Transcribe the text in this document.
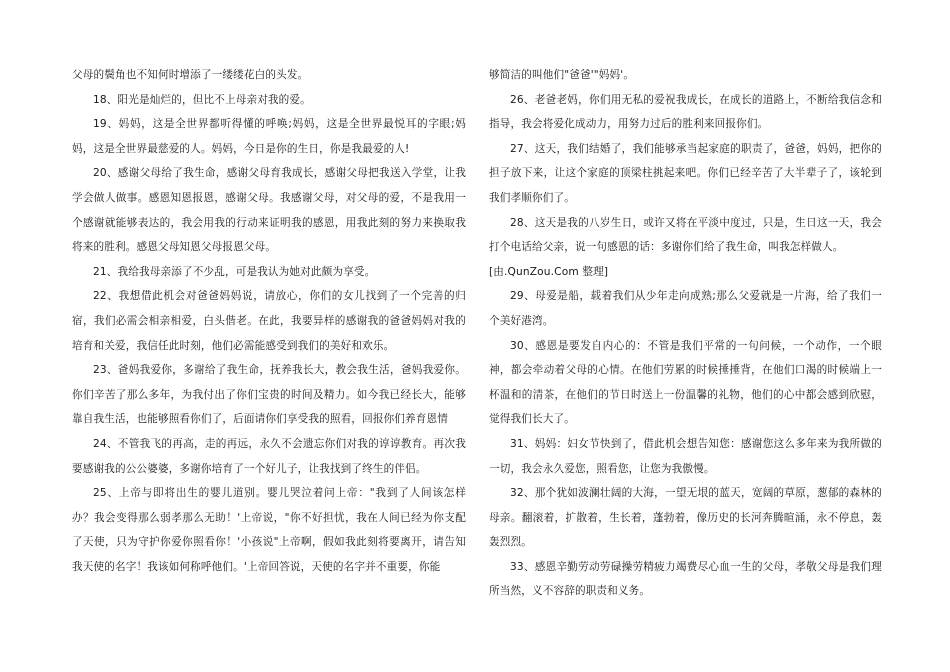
父母的鬓角也不知何时增添了一缕缕花白的头发。

18、阳光是灿烂的，但比不上母亲对我的爱。

19、妈妈，这是全世界都听得懂的呼唤;妈妈，这是全世界最悦耳的字眼;妈妈，这是全世界最慈爱的人。妈妈，今日是你的生日，你是我最爱的人!

20、感谢父母给了我生命，感谢父母育我成长，感谢父母把我送入学堂，让我学会做人做事。感恩知恩报恩，感谢父母。我感谢父母，对父母的爱，不是我用一个感谢就能够表达的，我会用我的行动来证明我的感恩，用我此刻的努力来换取我将来的胜利。感恩父母知恩父母报恩父母。

21、我给我母亲添了不少乱，可是我认为她对此颇为享受。

22、我想借此机会对爸爸妈妈说，请放心，你们的女儿找到了一个完善的归宿，我们必需会相亲相爱，白头偕老。在此，我要异样的感谢我的爸爸妈妈对我的培育和关爱，我信任此时刻，他们必需能感受到我们的美好和欢乐。

23、爸妈我爱你，多谢给了我生命，抚养我长大，教会我生活，爸妈我爱你。你们辛苦了那么多年，为我付出了你们宝贵的时间及精力。如今我已经长大，能够靠自我生活，也能够照看你们了，后面请你们享受我的照看，回报你们养育恩情

24、不管我飞的再高，走的再远，永久不会遗忘你们对我的谆谆教育。再次我要感谢我的公公婆婆，多谢你培育了一个好儿子，让我找到了终生的伴侣。

25、上帝与即将出生的婴儿道别。婴儿哭泣着问上帝："我到了人间该怎样办？我会变得那么弱孝那么无助！'上帝说，"你不好担忧，我在人间已经为你支配了天使，只为守护你爱你照看你！'小孩说"上帝啊，假如我此刻将要离开，请告知我天使的名字！我该如何称呼他们。'上帝回答说，天使的名字并不重要，你能

够简洁的叫他们"爸爸'"妈妈'。

26、老爸老妈，你们用无私的爱祝我成长，在成长的道路上，不断给我信念和指导，我会将爱化成动力，用努力过后的胜利来回报你们。

27、这天，我们结婚了，我们能够承当起家庭的职责了，爸爸，妈妈，把你的担子放下来，让这个家庭的顶梁柱挑起来吧。你们已经辛苦了大半辈子了，该轮到我们孝顺你们了。

28、这天是我的八岁生日，或许又将在平淡中度过，只是，生日这一天，我会打个电话给父亲，说一句感恩的话：多谢你们给了我生命，叫我怎样做人。

[由.QunZou.Com 整理]

29、母爱是船，载着我们从少年走向成熟;那么父爱就是一片海，给了我们一个美好港湾。

30、感恩是要发自内心的：不管是我们平常的一句问候，一个动作，一个眼神，都会牵动着父母的心情。在他们劳累的时候捶捶背，在他们口渴的时候端上一杯温和的清茶，在他们的节日时送上一份温馨的礼物，他们的心中都会感到欣慰，觉得我们长大了。

31、妈妈：妇女节快到了，借此机会想告知您：感谢您这么多年来为我所做的一切，我会永久爱您，照看您，让您为我傲慢。

32、那个犹如波澜壮阔的大海，一望无垠的蓝天，宽阔的草原，葱郁的森林的母亲。翻滚着，扩散着，生长着，蓬勃着，像历史的长河奔腾暄涌，永不停息，轰轰烈烈。

33、感恩辛勤劳动劳碌操劳精疲力竭费尽心血一生的父母，孝敬父母是我们理所当然，义不容辞的职责和义务。
